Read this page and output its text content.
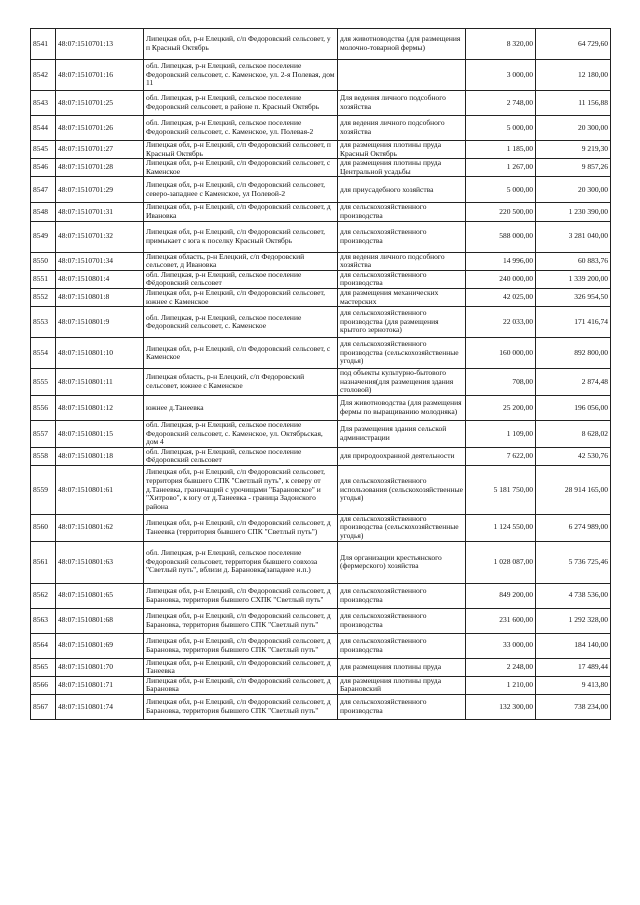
8541	48:07:1510701:13	Липецкая обл, р-н Елецкий, с/п Федоровский сельсовет, у п Красный Октябрь	для животноводства (для размещения молочно-товарной фермы)	8 320,00	64 729,60
8542	48:07:1510701:16	обл. Липецкая, р-н Елецкий, сельское поселение Федоровский сельсовет, с. Каменское, ул. 2-я Полевая, дом 11		3 000,00	12 180,00
8543	48:07:1510701:25	обл. Липецкая, р-н Елецкий, сельское поселение Федоровский сельсовет, в районе п. Красный Октябрь	Для ведения личного подсобного хозяйства	2 748,00	11 156,88
8544	48:07:1510701:26	обл. Липецкая, р-н Елецкий, сельское поселение Федоровский сельсовет, с. Каменское, ул. Полевая-2	для ведения личного подсобного хозяйства	5 000,00	20 300,00
8545	48:07:1510701:27	Липецкая обл, р-н Елецкий, с/п Федоровский сельсовет, п Красный Октябрь	для размещения плотины пруда Красный Октябрь	1 185,00	9 219,30
8546	48:07:1510701:28	Липецкая обл, р-н Елецкий, с/п Федоровский сельсовет, с Каменское	для размещения плотины пруда Центральной усадьбы	1 267,00	9 857,26
8547	48:07:1510701:29	Липецкая обл, р-н Елецкий, с/п Федоровский сельсовет, северо-западнее с Каменское, ул Полевой-2	для приусадебного хозяйства	5 000,00	20 300,00
8548	48:07:1510701:31	Липецкая обл, р-н Елецкий, с/п Федоровский сельсовет, д Ивановка	для сельскохозяйственного производства	220 500,00	1 230 390,00
8549	48:07:1510701:32	Липецкая обл, р-н Елецкий, с/п Федоровский сельсовет, примыкает с юга к поселку Красный Октябрь	для сельскохозяйственного производства	588 000,00	3 281 040,00
8550	48:07:1510701:34	Липецкая область, р-н Елецкий, с/п Федоровский сельсовет, д Ивановка	для ведения личного подсобного хозяйства	14 996,00	60 883,76
8551	48:07:1510801:4	обл. Липецкая, р-н Елецкий, сельское поселение Фёдоровский сельсовет	для сельскохозяйственного производства	240 000,00	1 339 200,00
8552	48:07:1510801:8	Липецкая обл, р-н Елецкий, с/п Федоровский сельсовет, южнее с Каменское	для размещения механических мастерских	42 025,00	326 954,50
8553	48:07:1510801:9	обл. Липецкая, р-н Елецкий, сельское поселение Федоровский сельсовет, с. Каменское	для сельскохозяйственного производства (для размещения крытого зернотока)	22 033,00	171 416,74
8554	48:07:1510801:10	Липецкая обл, р-н Елецкий, с/п Федоровский сельсовет, с Каменское	для сельскохозяйственного производства (сельскохозяйственные угодья)	160 000,00	892 800,00
8555	48:07:1510801:11	Липецкая область, р-н Елецкий, с/п Федоровский сельсовет, южнее с Каменское	под объекты культурно-бытового назначения(для размещения здания столовой)	708,00	2 874,48
8556	48:07:1510801:12	южнее д.Танеевка	Для животноводства (для размещения фермы по выращиванию молодняка)	25 200,00	196 056,00
8557	48:07:1510801:15	обл. Липецкая, р-н Елецкий, сельское поселение Федоровский сельсовет, с. Каменское, ул. Октябрьская, дом 4	Для размещения здания сельской администрации	1 109,00	8 628,02
8558	48:07:1510801:18	обл. Липецкая, р-н Елецкий, сельское поселение Фёдоровский сельсовет	для природоохранной деятельности	7 622,00	42 530,76
8559	48:07:1510801:61	Липецкая обл, р-н Елецкий, с/п Федоровский сельсовет, территория бывшего СПК "Светлый путь", к северу от д.Танеевка, граничащий с урочищами "Барановское" и "Хитрово", к югу от д.Танеевка - граница Задонского района	для сельскохозяйственного использования (сельскохозяйственные угодья)	5 181 750,00	28 914 165,00
8560	48:07:1510801:62	Липецкая обл, р-н Елецкий, с/п Федоровский сельсовет, д Танеевка (территория бывшего СПК "Светлый путь")	для сельскохозяйственного производства (сельскохозяйственные угодья)	1 124 550,00	6 274 989,00
8561	48:07:1510801:63	обл. Липецкая, р-н Елецкий, сельское поселение Федоровский сельсовет, территория бывшего совхоза "Светлый путь", вблизи д. Барановка(западнее н.п.)	Для организации крестьянского (фермерского) хозяйства	1 028 087,00	5 736 725,46
8562	48:07:1510801:65	Липецкая обл, р-н Елецкий, с/п Федоровский сельсовет, д Барановка, территория бывшего СХПК "Светлый путь"	для сельскохозяйственного производства	849 200,00	4 738 536,00
8563	48:07:1510801:68	Липецкая обл, р-н Елецкий, с/п Федоровский сельсовет, д Барановка, территория бывшего СПК "Светлый путь"	для сельскохозяйственного производства	231 600,00	1 292 328,00
8564	48:07:1510801:69	Липецкая обл, р-н Елецкий, с/п Федоровский сельсовет, д Барановка, территория бывшего СПК "Светлый путь"	для сельскохозяйственного производства	33 000,00	184 140,00
8565	48:07:1510801:70	Липецкая обл, р-н Елецкий, с/п Федоровский сельсовет, д Танеевка	для размещения плотины пруда	2 248,00	17 489,44
8566	48:07:1510801:71	Липецкая обл, р-н Елецкий, с/п Федоровский сельсовет, д Барановка	для размещения плотины пруда Барановский	1 210,00	9 413,80
8567	48:07:1510801:74	Липецкая обл, р-н Елецкий, с/п Федоровский сельсовет, д Барановка, территория бывшего СПК "Светлый путь"	для сельскохозяйственного производства	132 300,00	738 234,00
